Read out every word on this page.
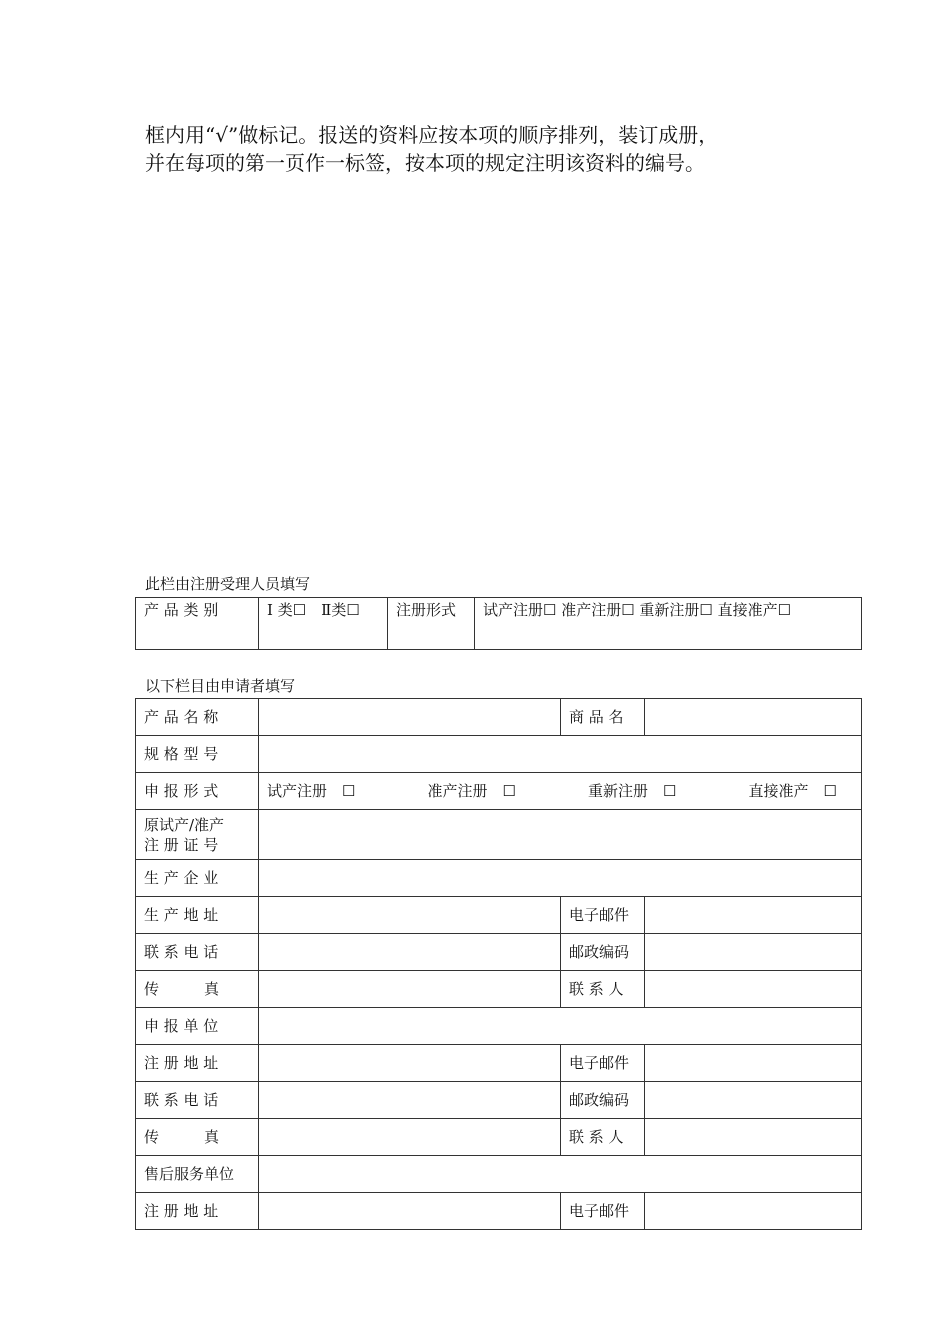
框内用“√”做标记。报送的资料应按本项的顺序排列，装订成册，

并在每项的第一页作一标签，按本项的规定注明该资料的编号。

此栏由注册受理人员填写
产 品 类 别	Ⅰ 类☐　Ⅱ类☐	注册形式	试产注册☐ 准产注册☐ 重新注册☐ 直接准产☐
以下栏目由申请者填写
产 品 名 称		商 品 名	
规 格 型 号			
申 报 形 式	试产注册　☐ 准产注册　☐ 重新注册　☐ 直接准产　☐		

原试产/准产
注 册 证 号			

生 产 企 业			
生 产 地 址		电子邮件	
联 系 电 话		邮政编码	
传　　　真		联 系 人	
申 报 单 位			
注 册 地 址		电子邮件	
联 系 电 话		邮政编码	
传　　　真		联 系 人	
售后服务单位			
注 册 地 址		电子邮件	
